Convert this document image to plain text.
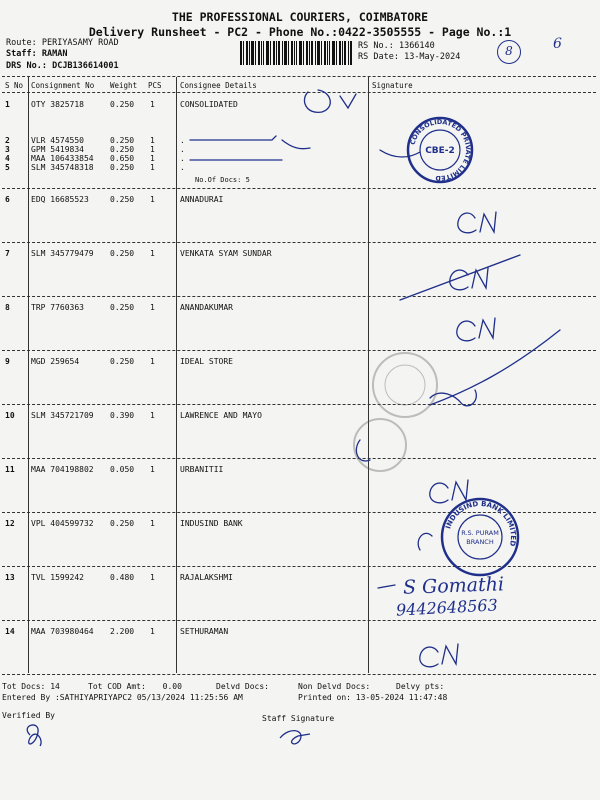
THE PROFESSIONAL COURIERS, COIMBATORE
Delivery Runsheet - PC2 - Phone No.:0422-3505555 - Page No.:1
Route: PERIYASAMY ROAD
Staff: RAMAN
DRS No.: DCJB136614001
RS No.: 1366140
RS Date: 13-May-2024	8	6
S No Consignment No Weight PCS Consignee Details	Signature
1	OTY 3825718	0.250 1	CONSOLIDATED
2	VLR 4574550	0.250 1	.
3	GPM 5419834	0.250 1	.
4	MAA 106433854 0.650 1	.
5	SLM 345748318 0.250 1	.
No.Of Docs: 5
6	EDQ 16685523	0.250 1	ANNADURAI
7	SLM 345779479 0.250 1	VENKATA SYAM SUNDAR
8	TRP 7760363	0.250 1	ANANDAKUMAR
9	MGD 259654	0.250 1	IDEAL STORE
10 SLM 345721709 0.390 1	LAWRENCE AND MAYO
11 MAA 704198802 0.050 1	URBANITII
12 VPL 404599732 0.250 1	INDUSIND BANK
13 TVL 1599242	0.480 1	RAJALAKSHMI
14 MAA 703980464 2.200 1	SETHURAMAN
CONSOLIDATED PRIVATE LIMITED
CBE-2
INDUSIND BANK LIMITED
R.S. PURAM
BRANCH
S Gomathi
9442648563
Tot Docs: 14	Tot COD Amt: 0.00	Delvd Docs:	Non Delvd Docs:	Delvy pts:
Entered By :SATHIYAPRIYAPC2 05/13/2024 11:25:56 AM	Printed on: 13-05-2024 11:47:48
Verified By	Staff Signature
